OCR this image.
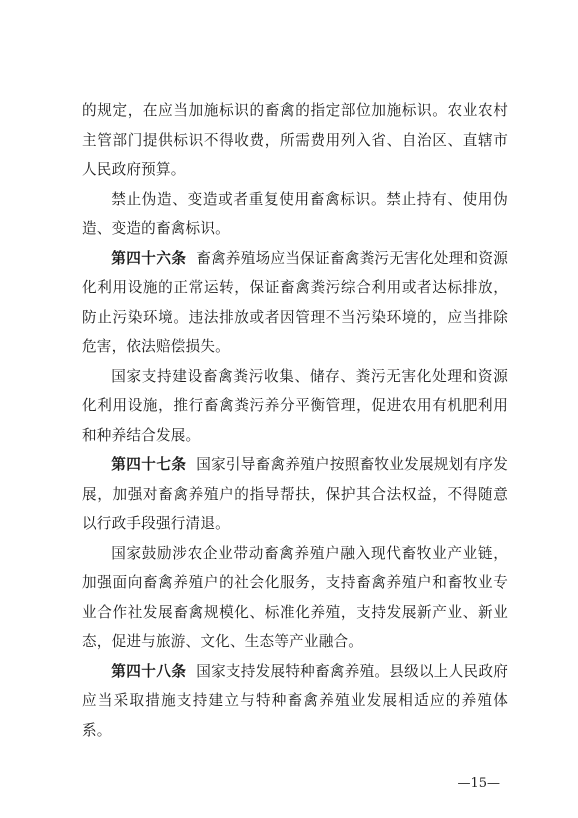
的规定，在应当加施标识的畜禽的指定部位加施标识。农业农村主管部门提供标识不得收费，所需费用列入省、自治区、直辖市人民政府预算。

禁止伪造、变造或者重复使用畜禽标识。禁止持有、使用伪造、变造的畜禽标识。

第四十六条 畜禽养殖场应当保证畜禽粪污无害化处理和资源化利用设施的正常运转，保证畜禽粪污综合利用或者达标排放，防止污染环境。违法排放或者因管理不当污染环境的，应当排除危害，依法赔偿损失。

国家支持建设畜禽粪污收集、储存、粪污无害化处理和资源化利用设施，推行畜禽粪污养分平衡管理，促进农用有机肥利用和种养结合发展。

第四十七条 国家引导畜禽养殖户按照畜牧业发展规划有序发展，加强对畜禽养殖户的指导帮扶，保护其合法权益，不得随意以行政手段强行清退。

国家鼓励涉农企业带动畜禽养殖户融入现代畜牧业产业链，加强面向畜禽养殖户的社会化服务，支持畜禽养殖户和畜牧业专业合作社发展畜禽规模化、标准化养殖，支持发展新产业、新业态，促进与旅游、文化、生态等产业融合。

第四十八条 国家支持发展特种畜禽养殖。县级以上人民政府应当采取措施支持建立与特种畜禽养殖业发展相适应的养殖体系。

—15—
